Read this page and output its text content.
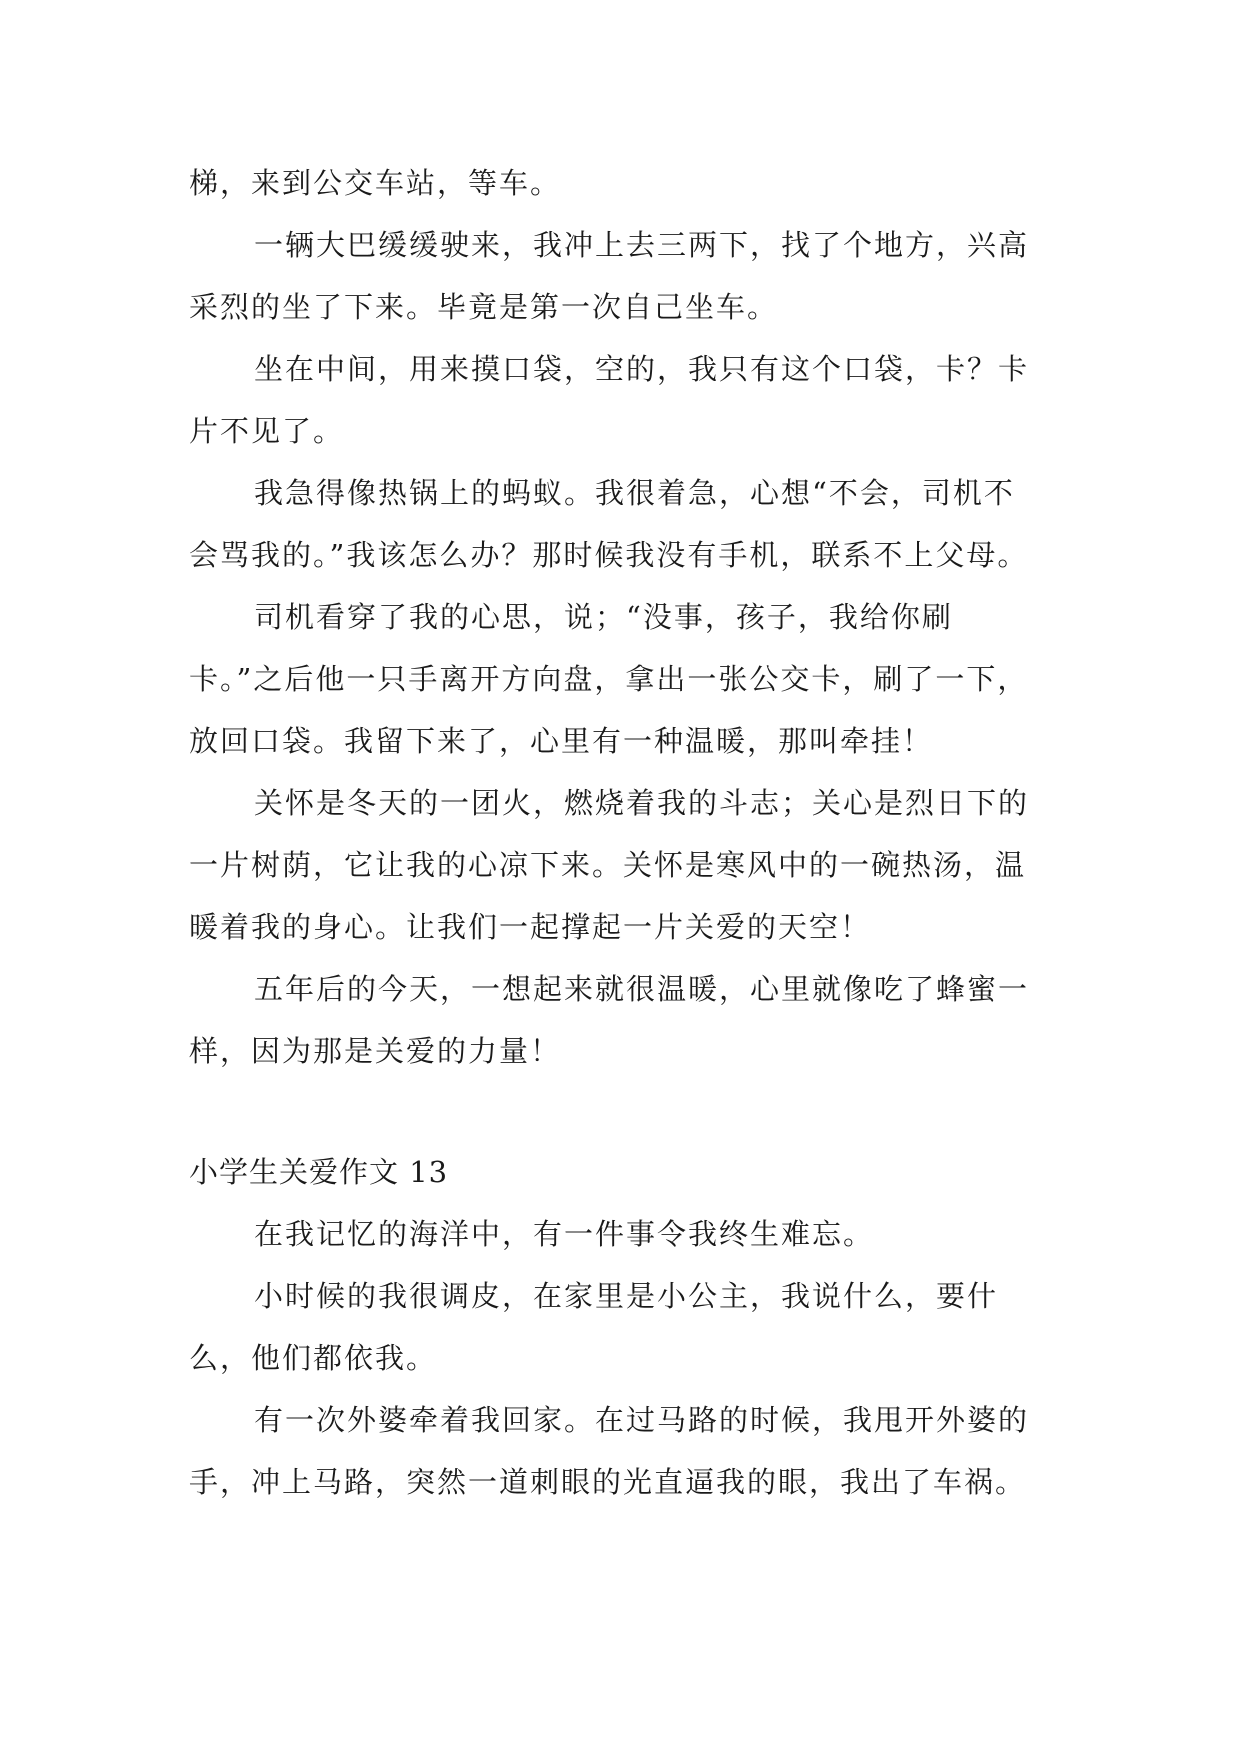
梯，来到公交车站，等车。

一辆大巴缓缓驶来，我冲上去三两下，找了个地方，兴高采烈的坐了下来。毕竟是第一次自己坐车。

坐在中间，用来摸口袋，空的，我只有这个口袋，卡？卡片不见了。

我急得像热锅上的蚂蚁。我很着急，心想“不会，司机不会骂我的。”我该怎么办？那时候我没有手机，联系不上父母。

司机看穿了我的心思，说；“没事，孩子，我给你刷卡。”之后他一只手离开方向盘，拿出一张公交卡，刷了一下，放回口袋。我留下来了，心里有一种温暖，那叫牵挂！

关怀是冬天的一团火，燃烧着我的斗志；关心是烈日下的一片树荫，它让我的心凉下来。关怀是寒风中的一碗热汤，温暖着我的身心。让我们一起撑起一片关爱的天空！

五年后的今天，一想起来就很温暖，心里就像吃了蜂蜜一样，因为那是关爱的力量！

小学生关爱作文 13

在我记忆的海洋中，有一件事令我终生难忘。

小时候的我很调皮，在家里是小公主，我说什么，要什么，他们都依我。

有一次外婆牵着我回家。在过马路的时候，我甩开外婆的手，冲上马路，突然一道刺眼的光直逼我的眼，我出了车祸。
